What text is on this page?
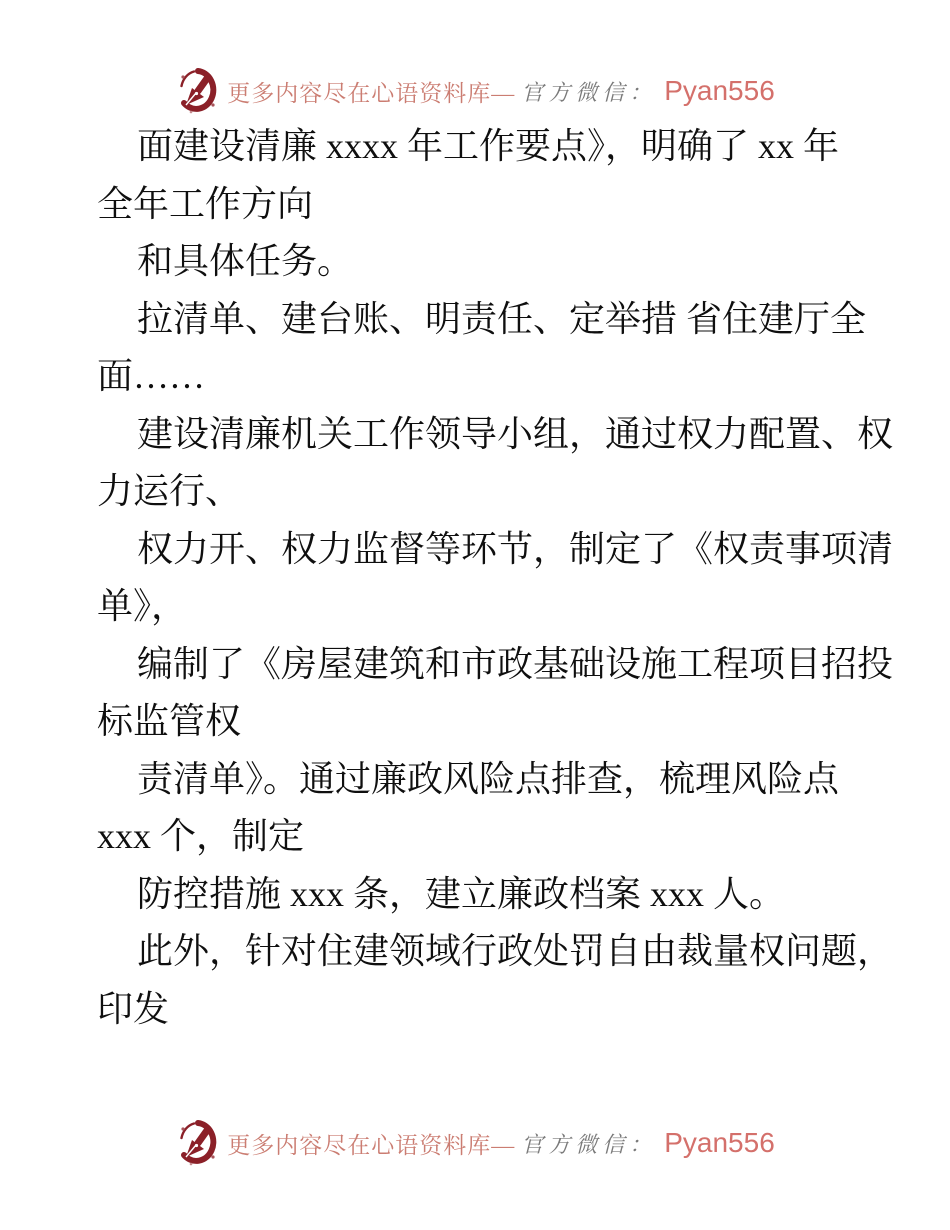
更多内容尽在心语资料库— 官方微信： Pyan556

面建设清廉 xxxx 年工作要点》，明确了 xx 年
全年工作方向

和具体任务。

拉清单、建台账、明责任、定举措 省住建厅全
面……

建设清廉机关工作领导小组，通过权力配置、权
力运行、

权力开、权力监督等环节，制定了《权责事项清
单》，

编制了《房屋建筑和市政基础设施工程项目招投
标监管权

责清单》。通过廉政风险点排查，梳理风险点
xxx 个，制定

防控措施 xxx 条，建立廉政档案 xxx 人。

此外，针对住建领域行政处罚自由裁量权问题，
印发

更多内容尽在心语资料库— 官方微信： Pyan556
